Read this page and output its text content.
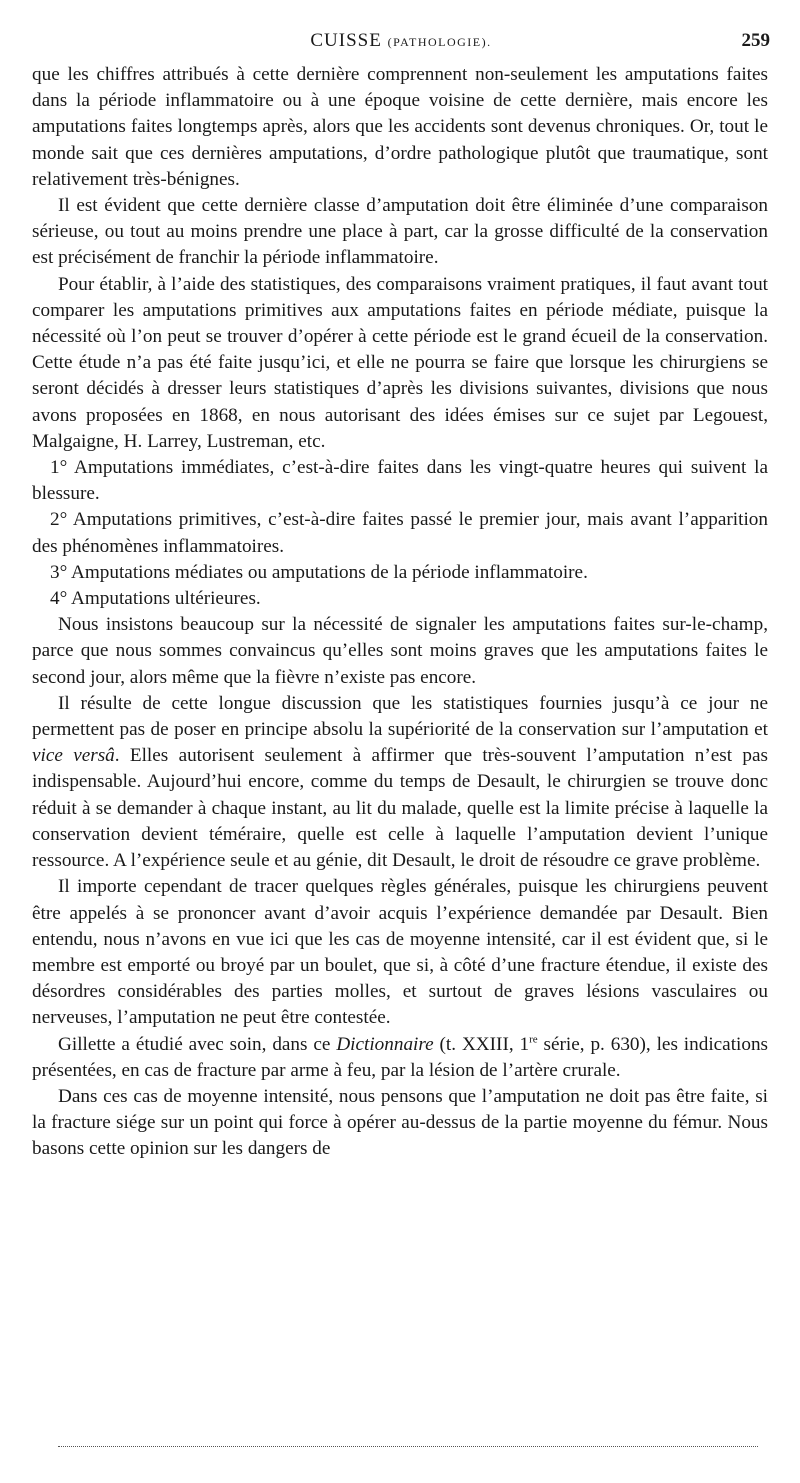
CUISSE (PATHOLOGIE).	259

que les chiffres attribués à cette dernière comprennent non-seulement les amputations faites dans la période inflammatoire ou à une époque voisine de cette dernière, mais encore les amputations faites longtemps après, alors que les accidents sont devenus chroniques. Or, tout le monde sait que ces dernières amputations, d’ordre pathologique plutôt que traumatique, sont relativement très-bénignes.

Il est évident que cette dernière classe d’amputation doit être éliminée d’une comparaison sérieuse, ou tout au moins prendre une place à part, car la grosse difficulté de la conservation est précisément de franchir la période inflammatoire.

Pour établir, à l’aide des statistiques, des comparaisons vraiment pratiques, il faut avant tout comparer les amputations primitives aux amputations faites en période médiate, puisque la nécessité où l’on peut se trouver d’opérer à cette période est le grand écueil de la conservation. Cette étude n’a pas été faite jusqu’ici, et elle ne pourra se faire que lorsque les chirurgiens se seront décidés à dresser leurs statistiques d’après les divisions suivantes, divisions que nous avons proposées en 1868, en nous autorisant des idées émises sur ce sujet par Legouest, Malgaigne, H. Larrey, Lustreman, etc.

1° Amputations immédiates, c’est-à-dire faites dans les vingt-quatre heures qui suivent la blessure.

2° Amputations primitives, c’est-à-dire faites passé le premier jour, mais avant l’apparition des phénomènes inflammatoires.

3° Amputations médiates ou amputations de la période inflammatoire.

4° Amputations ultérieures.

Nous insistons beaucoup sur la nécessité de signaler les amputations faites sur-le-champ, parce que nous sommes convaincus qu’elles sont moins graves que les amputations faites le second jour, alors même que la fièvre n’existe pas encore.

Il résulte de cette longue discussion que les statistiques fournies jusqu’à ce jour ne permettent pas de poser en principe absolu la supériorité de la conservation sur l’amputation et vice versâ. Elles autorisent seulement à affirmer que très-souvent l’amputation n’est pas indispensable. Aujourd’hui encore, comme du temps de Desault, le chirurgien se trouve donc réduit à se demander à chaque instant, au lit du malade, quelle est la limite précise à laquelle la conservation devient téméraire, quelle est celle à laquelle l’amputation devient l’unique ressource. A l’expérience seule et au génie, dit Desault, le droit de résoudre ce grave problème.

Il importe cependant de tracer quelques règles générales, puisque les chirurgiens peuvent être appelés à se prononcer avant d’avoir acquis l’expérience demandée par Desault. Bien entendu, nous n’avons en vue ici que les cas de moyenne intensité, car il est évident que, si le membre est emporté ou broyé par un boulet, que si, à côté d’une fracture étendue, il existe des désordres considérables des parties molles, et surtout de graves lésions vasculaires ou nerveuses, l’amputation ne peut être contestée.

Gillette a étudié avec soin, dans ce Dictionnaire (t. XXIII, 1re série, p. 630), les indications présentées, en cas de fracture par arme à feu, par la lésion de l’artère crurale.

Dans ces cas de moyenne intensité, nous pensons que l’amputation ne doit pas être faite, si la fracture siége sur un point qui force à opérer au-dessus de la partie moyenne du fémur. Nous basons cette opinion sur les dangers de
